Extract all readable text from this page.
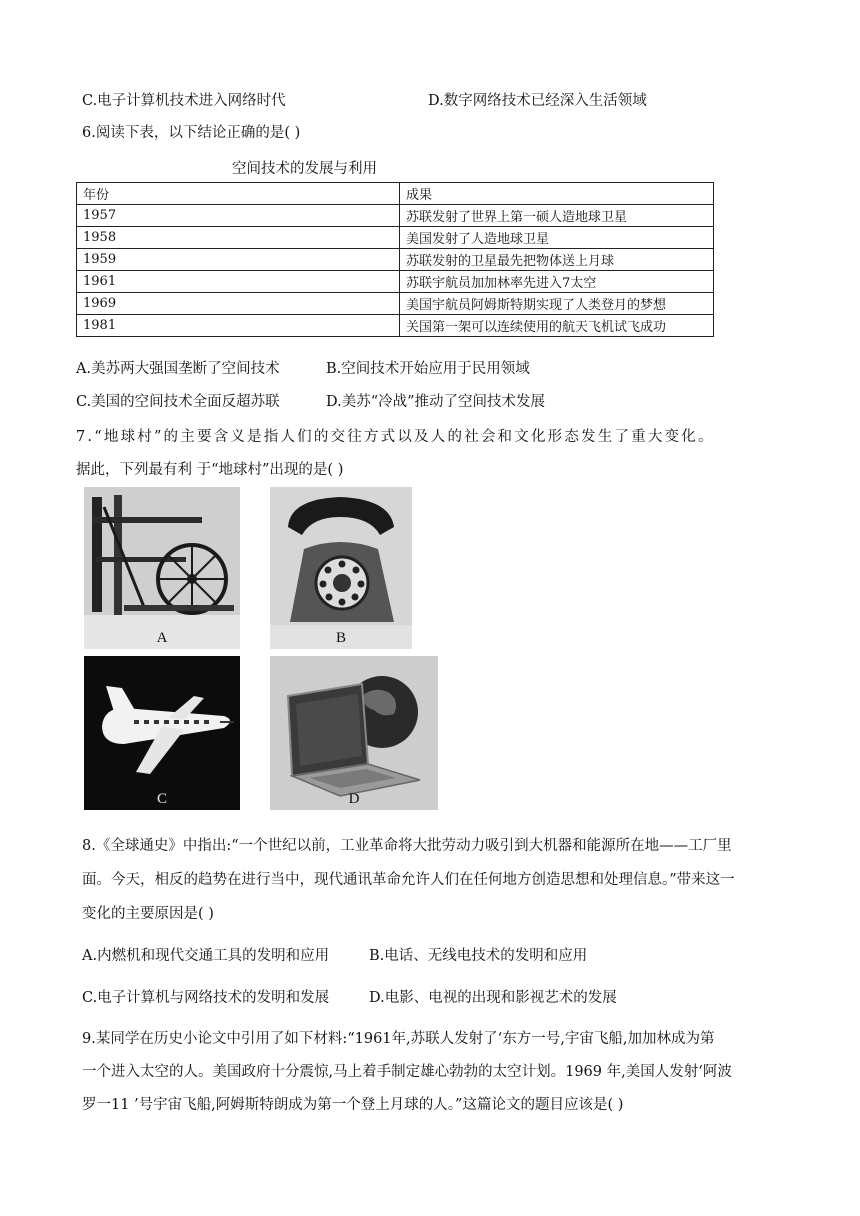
C.电子计算机技术进入网络时代	D.数字网络技术已经深入生活领域
6.阅读下表，以下结论正确的是( )
空间技术的发展与利用
年份	成果
1957	苏联发射了世界上第一硕人造地球卫星
1958	美国发射了人造地球卫星
1959	苏联发射的卫星最先把物体送上月球
1961	苏联宇航员加加林率先进入7太空
1969	美国宇航员阿姆斯特期实现了人类登月的梦想
1981	关国第一架可以连续使用的航天飞机试飞成功
A.美苏两大强国垄断了空间技术	B.空间技术开始应用于民用领域
C.美国的空间技术全面反超苏联	D.美苏“冷战”推动了空间技术发展
7.“地球村”的主要含义是指人们的交往方式以及人的社会和文化形态发生了重大变化。
据此，下列最有利 于“地球村”出现的是( )
A	B
C	D
8.《全球通史》中指出:“一个世纪以前，工业革命将大批劳动力吸引到大机器和能源所在地——工厂里
面。今天，相反的趋势在进行当中，现代通讯革命允许人们在任何地方创造思想和处理信息。”带来这一
变化的主要原因是( )
A.内燃机和现代交通工具的发明和应用	B.电话、无线电技术的发明和应用
C.电子计算机与网络技术的发明和发展	D.电影、电视的出现和影视艺术的发展
9.某同学在历史小论文中引用了如下材料:“1961年,苏联人发射了‘东方一号,宇宙飞船,加加林成为第
一个进入太空的人。美国政府十分震惊,马上着手制定雄心勃勃的太空计划。1969 年,美国人发射‘阿波
罗一11 ’号宇宙飞船,阿姆斯特朗成为第一个登上月球的人。”这篇论文的题目应该是( )
